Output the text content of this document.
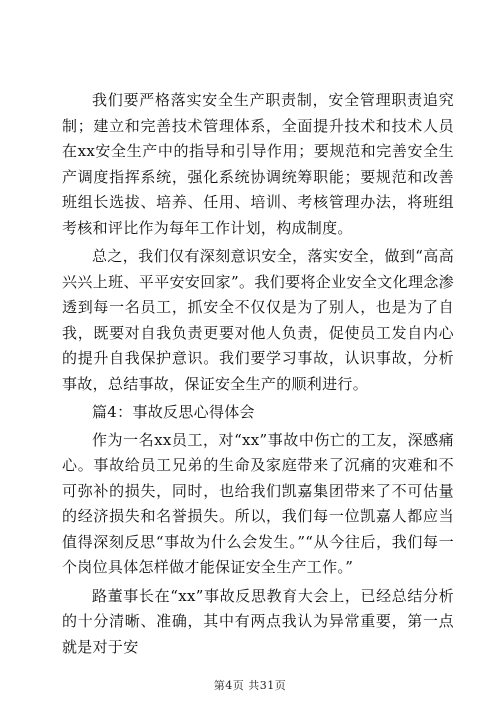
我们要严格落实安全生产职责制，安全管理职责追究制；建立和完善技术管理体系，全面提升技术和技术人员在xx安全生产中的指导和引导作用；要规范和完善安全生产调度指挥系统，强化系统协调统筹职能；要规范和改善班组长选拔、培养、任用、培训、考核管理办法，将班组考核和评比作为每年工作计划，构成制度。

总之，我们仅有深刻意识安全，落实安全，做到“高高兴兴上班、平平安安回家”。我们要将企业安全文化理念渗透到每一名员工，抓安全不仅仅是为了别人，也是为了自我，既要对自我负责更要对他人负责，促使员工发自内心的提升自我保护意识。我们要学习事故，认识事故，分析事故，总结事故，保证安全生产的顺利进行。

篇4：事故反思心得体会

作为一名xx员工，对“xx”事故中伤亡的工友，深感痛心。事故给员工兄弟的生命及家庭带来了沉痛的灾难和不可弥补的损失，同时，也给我们凯嘉集团带来了不可估量的经济损失和名誉损失。所以，我们每一位凯嘉人都应当值得深刻反思“事故为什么会发生。”“从今往后，我们每一个岗位具体怎样做才能保证安全生产工作。”

路董事长在“xx”事故反思教育大会上，已经总结分析的十分清晰、准确，其中有两点我认为异常重要，第一点就是对于安

第4页 共31页
